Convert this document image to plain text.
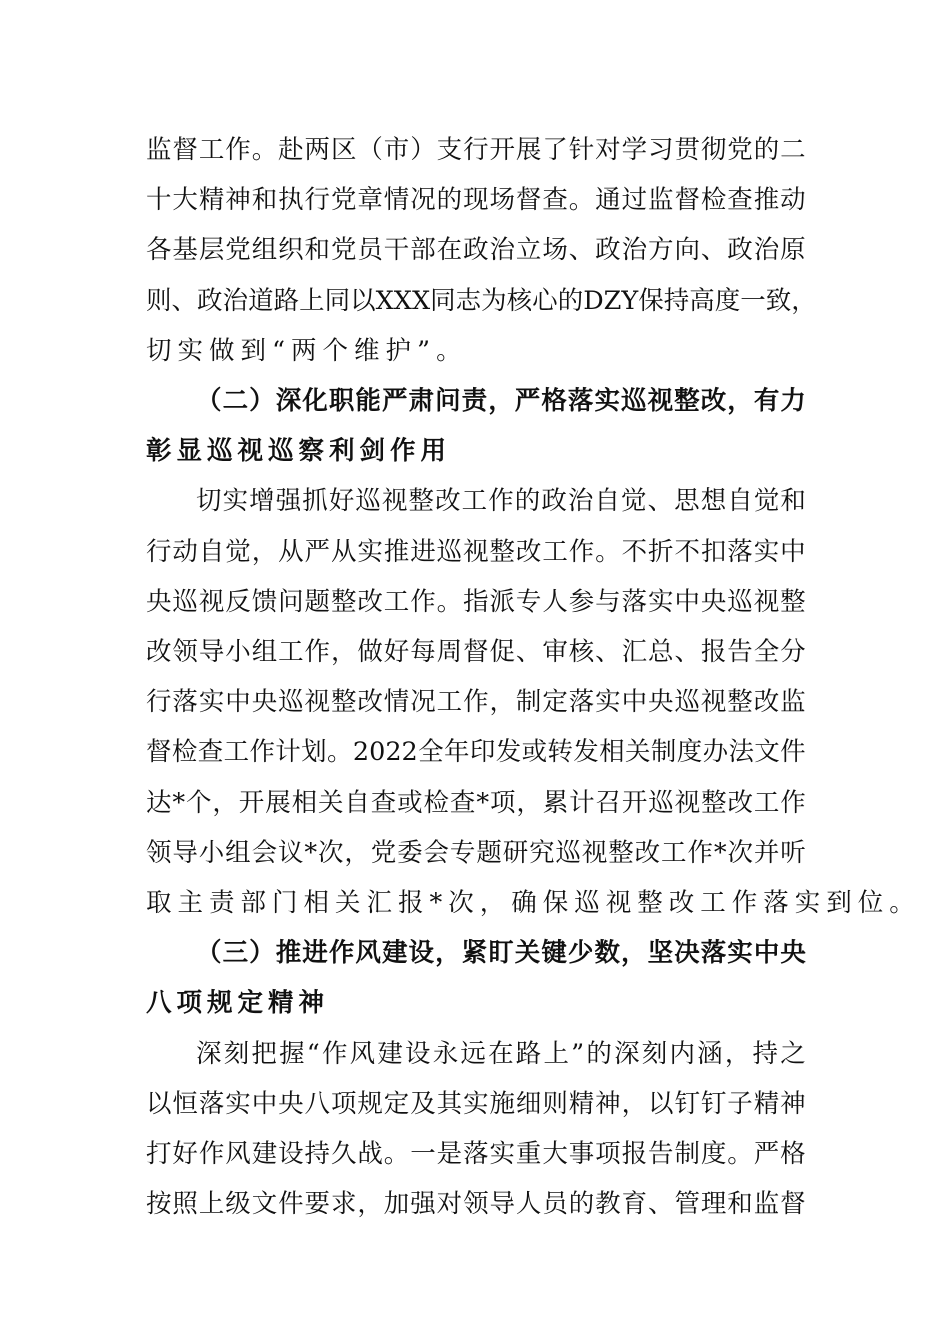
监 督 工 作 。 赴 两 区 （ 市 ） 支 行 开 展 了 针 对 学 习 贯 彻 党 的 二
十 大 精 神 和 执 行 党 章 情 况 的 现 场 督 查 。 通 过 监 督 检 查 推 动
各 基 层 党 组 织 和 党 员 干 部 在 政 治 立 场 、 政 治 方 向 、 政 治 原
则 、 政 治 道 路 上 同 以 XXX 同 志 为 核 心 的 DZY 保 持 高 度 一 致 ，
切实做到“两个维护”。
（ 二 ） 深 化 职 能 严 肃 问 责 ， 严 格 落 实 巡 视 整 改 ， 有 力
彰显巡视巡察利剑作用
切 实 增 强 抓 好 巡 视 整 改 工 作 的 政 治 自 觉 、 思 想 自 觉 和
行 动 自 觉 ， 从 严 从 实 推 进 巡 视 整 改 工 作 。 不 折 不 扣 落 实 中
央 巡 视 反 馈 问 题 整 改 工 作 。 指 派 专 人 参 与 落 实 中 央 巡 视 整
改 领 导 小 组 工 作 ， 做 好 每 周 督 促 、 审 核 、 汇 总 、 报 告 全 分
行 落 实 中 央 巡 视 整 改 情 况 工 作 ， 制 定 落 实 中 央 巡 视 整 改 监
督 检 查 工 作 计 划 。 2022 全 年 印 发 或 转 发 相 关 制 度 办 法 文 件
达 * 个 ， 开 展 相 关 自 查 或 检 查 * 项 ， 累 计 召 开 巡 视 整 改 工 作
领 导 小 组 会 议 * 次 ， 党 委 会 专 题 研 究 巡 视 整 改 工 作 * 次 并 听
取主责部门相关汇报*次，确保巡视整改工作落实到位。
（ 三 ） 推 进 作 风 建 设 ， 紧 盯 关 键 少 数 ， 坚 决 落 实 中 央
八项规定精神
深 刻 把 握 “ 作 风 建 设 永 远 在 路 上 ” 的 深 刻 内 涵 ， 持 之
以 恒 落 实 中 央 八 项 规 定 及 其 实 施 细 则 精 神 ， 以 钉 钉 子 精 神
打 好 作 风 建 设 持 久 战 。 一 是 落 实 重 大 事 项 报 告 制 度 。 严 格
按 照 上 级 文 件 要 求 ， 加 强 对 领 导 人 员 的 教 育 、 管 理 和 监 督
